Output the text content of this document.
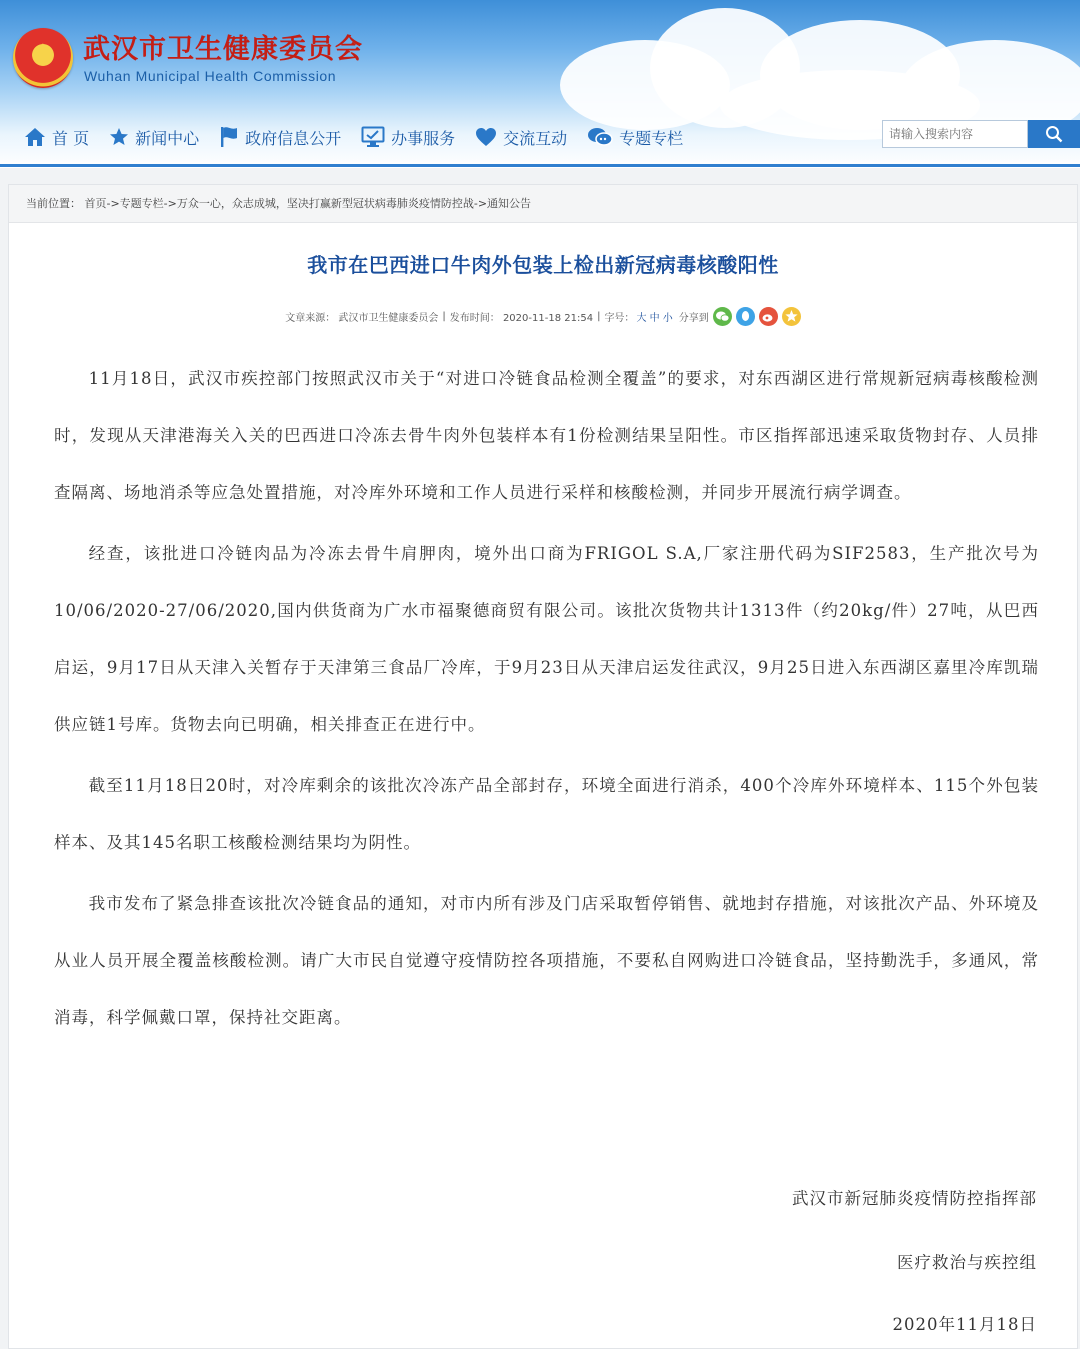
★	武汉市卫生健康委员会
Wuhan Municipal Health Commission
首 页	新闻中心	政府信息公开	办事服务	交流互动	专题专栏
请输入搜索内容
当前位置： 首页->专题专栏->万众一心，众志成城，坚决打赢新型冠状病毒肺炎疫情防控战->通知公告
我市在巴西进口牛肉外包装上检出新冠病毒核酸阳性
文章来源： 武汉市卫生健康委员会 | 发布时间： 2020-11-18 21:54 | 字号： 大 中 小 分享到

11月18日，武汉市疾控部门按照武汉市关于“对进口冷链食品检测全覆盖”的要求，对东西湖区进行常规新冠病毒核酸检测时，发现从天津港海关入关的巴西进口冷冻去骨牛肉外包装样本有1份检测结果呈阳性。市区指挥部迅速采取货物封存、人员排查隔离、场地消杀等应急处置措施，对冷库外环境和工作人员进行采样和核酸检测，并同步开展流行病学调查。

经查，该批进口冷链肉品为冷冻去骨牛肩胛肉，境外出口商为FRIGOL S.A,厂家注册代码为SIF2583，生产批次号为10/06/2020-27/06/2020,国内供货商为广水市福聚德商贸有限公司。该批次货物共计1313件（约20kg/件）27吨，从巴西启运，9月17日从天津入关暂存于天津第三食品厂冷库，于9月23日从天津启运发往武汉，9月25日进入东西湖区嘉里冷库凯瑞供应链1号库。货物去向已明确，相关排查正在进行中。

截至11月18日20时，对冷库剩余的该批次冷冻产品全部封存，环境全面进行消杀，400个冷库外环境样本、115个外包装样本、及其145名职工核酸检测结果均为阴性。

我市发布了紧急排查该批次冷链食品的通知，对市内所有涉及门店采取暂停销售、就地封存措施，对该批次产品、外环境及从业人员开展全覆盖核酸检测。请广大市民自觉遵守疫情防控各项措施，不要私自网购进口冷链食品，坚持勤洗手，多通风，常消毒，科学佩戴口罩，保持社交距离。

武汉市新冠肺炎疫情防控指挥部
医疗救治与疾控组
2020年11月18日
